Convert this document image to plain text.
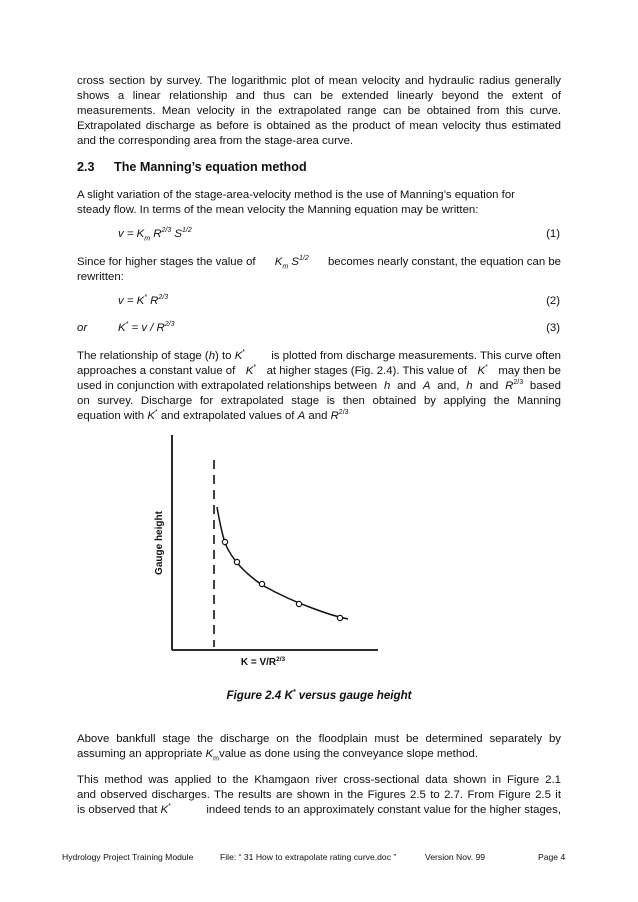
cross section by survey. The logarithmic plot of mean velocity and hydraulic radius generally
shows a linear relationship and thus can be extended linearly beyond the extent of
measurements. Mean velocity in the extrapolated range can be obtained from this curve.
Extrapolated discharge as before is obtained as the product of mean velocity thus estimated
and the corresponding area from the stage-area curve.
2.3 The Manning’s equation method
A slight variation of the stage-area-velocity method is the use of Manning’s equation for
steady flow. In terms of the mean velocity the Manning equation may be written:
$v = K_m$ $R^{2/3}$ $S^{1/2}$	(1)
Since for higher stages the value of $K_m$ $S^{1/2}$ becomes nearly constant, the equation can be
rewritten:
v = K* $R^{2/3}$	(2)
or	$K^* = v / R^{2/3}$	(3)
The relationship of stage (h) to K* is plotted from discharge measurements. This curve often
approaches a constant value of K* at higher stages (Fig. 2.4). This value of K* may then be
used in conjunction with extrapolated relationships between h and A and, h and $R^{2/3}$ based
on survey. Discharge for extrapolated stage is then obtained by applying the Manning
equation with K* and extrapolated values of A and $R^{2/3}$
Gauge height
$K = V/R^{2/3}$
Figure 2.4 K* versus gauge height
Above bankfull stage the discharge on the floodplain must be determined separately by
assuming an appropriate $K_mvalue$ as done using the conveyance slope method.
This method was applied to the Khamgaon river cross-sectional data shown in Figure 2.1
and observed discharges. The results are shown in the Figures 2.5 to 2.7. From Figure 2.5 it
is observed that K*	indeed tends to an approximately constant value for the higher stages,
Hydrology Project Training Module	File: “ 31 How to extrapolate rating curve.doc ”	Version Nov. 99	Page 4
